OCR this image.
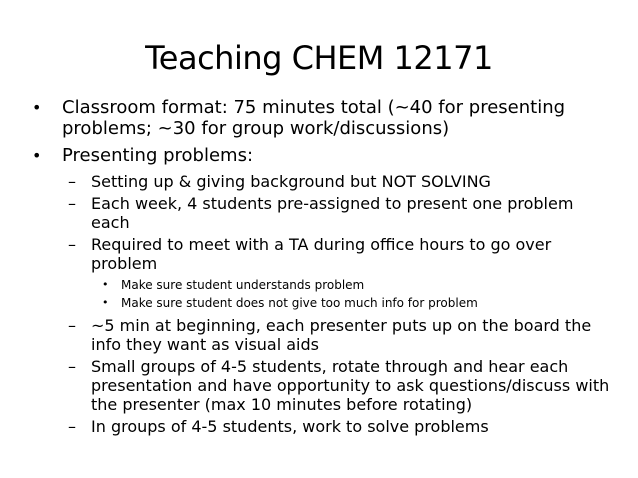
Teaching CHEM 12171
• Classroom format: 75 minutes total (~40 for presenting problems; ~30 for group work/discussions)
• Presenting problems:
– Setting up & giving background but NOT SOLVING
– Each week, 4 students pre-assigned to present one problem each
– Required to meet with a TA during office hours to go over problem
• Make sure student understands problem
• Make sure student does not give too much info for problem
– ~5 min at beginning, each presenter puts up on the board the info they want as visual aids
– Small groups of 4-5 students, rotate through and hear each presentation and have opportunity to ask questions/discuss with the presenter (max 10 minutes before rotating)
– In groups of 4-5 students, work to solve problems
